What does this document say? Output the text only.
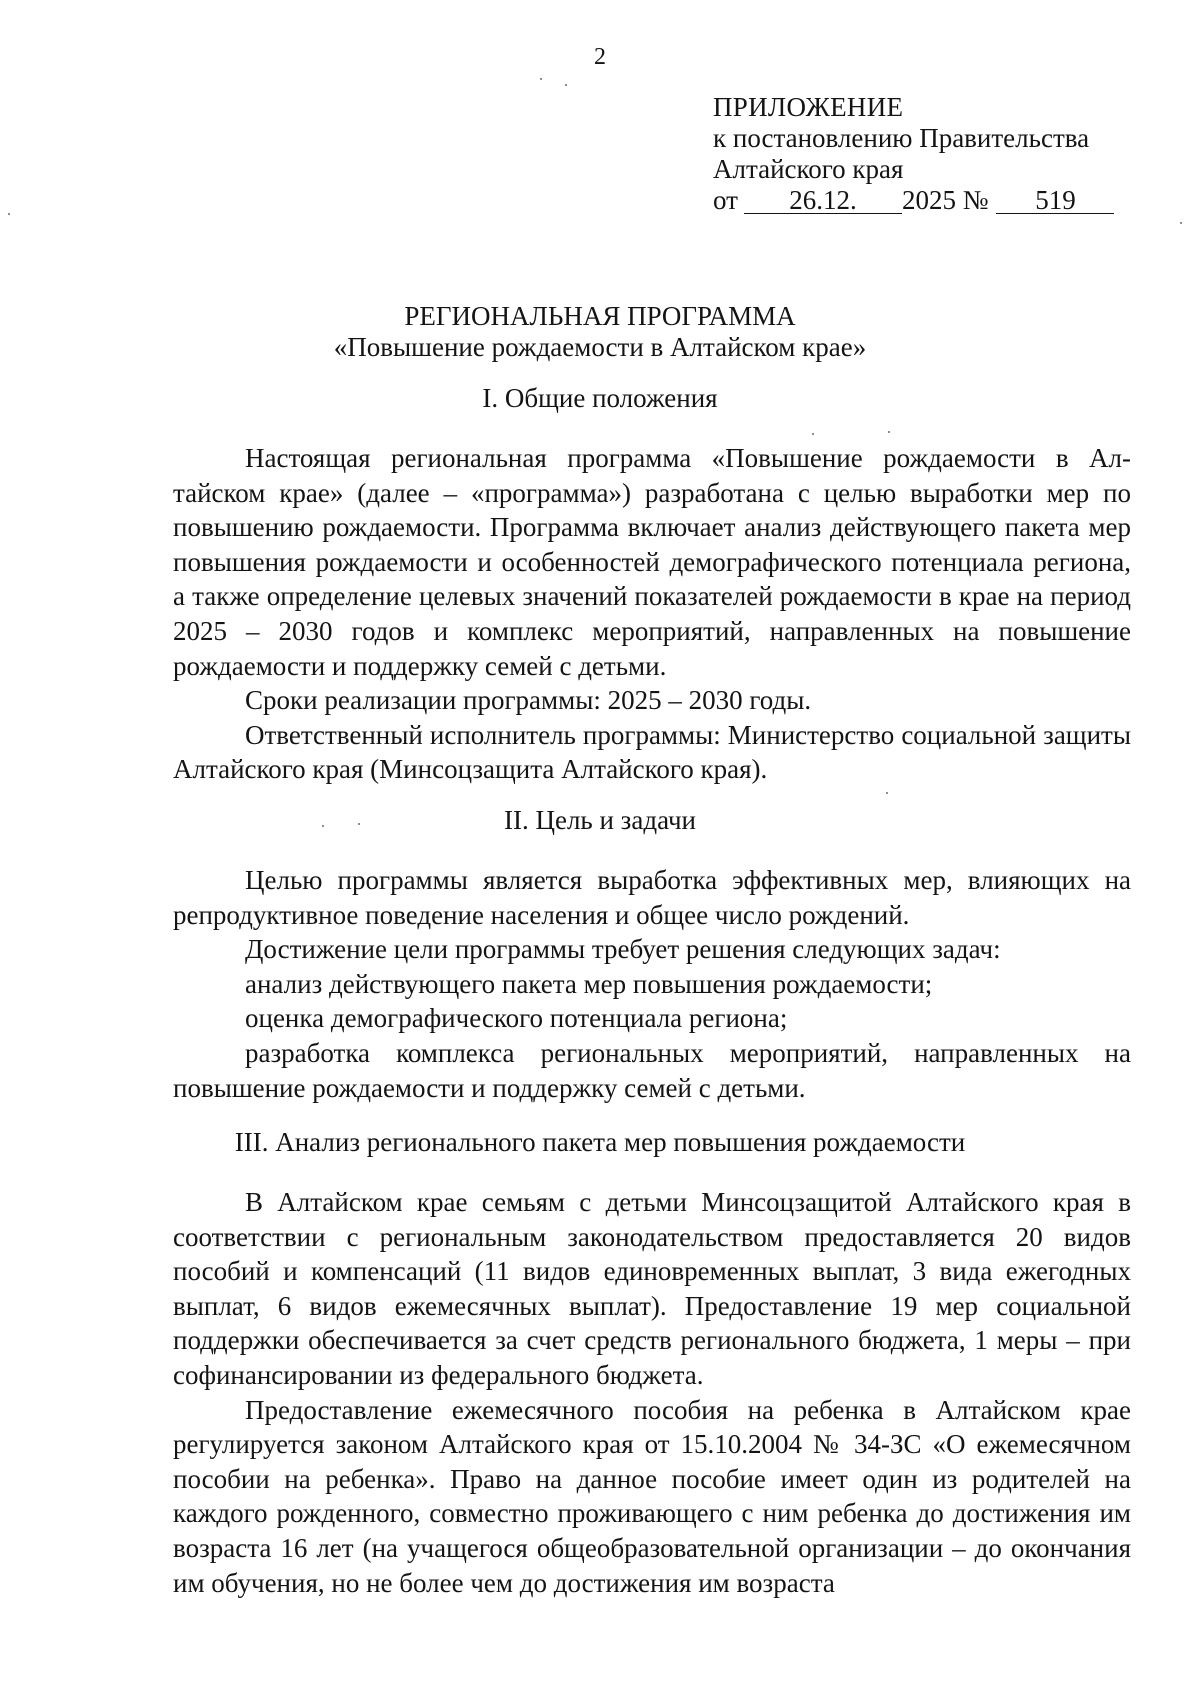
2
ПРИЛОЖЕНИЕ
к постановлению Правительства
Алтайского края
от	26.12.	2025 №	519
РЕГИОНАЛЬНАЯ ПРОГРАММА
«Повышение рождаемости в Алтайском крае»
I. Общие положения

Настоящая региональная программа «Повышение рождаемости в Алтайском крае» (далее – «программа») разработана с целью выработки мер по повышению рождаемости. Программа включает анализ действующего пакета мер повышения рождаемости и особенностей демографического потенциала региона, а также определение целевых значений показателей рождаемости в крае на период 2025 – 2030 годов и комплекс мероприятий, направленных на повышение рождаемости и поддержку семей с детьми.

Сроки реализации программы: 2025 – 2030 годы.

Ответственный исполнитель программы: Министерство социальной защиты Алтайского края (Минсоцзащита Алтайского края).

II. Цель и задачи

Целью программы является выработка эффективных мер, влияющих на репродуктивное поведение населения и общее число рождений.

Достижение цели программы требует решения следующих задач:

анализ действующего пакета мер повышения рождаемости;

оценка демографического потенциала региона;

разработка комплекса региональных мероприятий, направленных на повышение рождаемости и поддержку семей с детьми.

III. Анализ регионального пакета мер повышения рождаемости

В Алтайском крае семьям с детьми Минсоцзащитой Алтайского края в соответствии с региональным законодательством предоставляется 20 видов пособий и компенсаций (11 видов единовременных выплат, 3 вида ежегодных выплат, 6 видов ежемесячных выплат). Предоставление 19 мер социальной поддержки обеспечивается за счет средств регионального бюджета, 1 меры – при софинансировании из федерального бюджета.

Предоставление ежемесячного пособия на ребенка в Алтайском крае регулируется законом Алтайского края от 15.10.2004 № 34-ЗС «О ежемесячном пособии на ребенка». Право на данное пособие имеет один из родителей на каждого рожденного, совместно проживающего с ним ребенка до достижения им возраста 16 лет (на учащегося общеобразовательной организации – до окончания им обучения, но не более чем до достижения им возраста
